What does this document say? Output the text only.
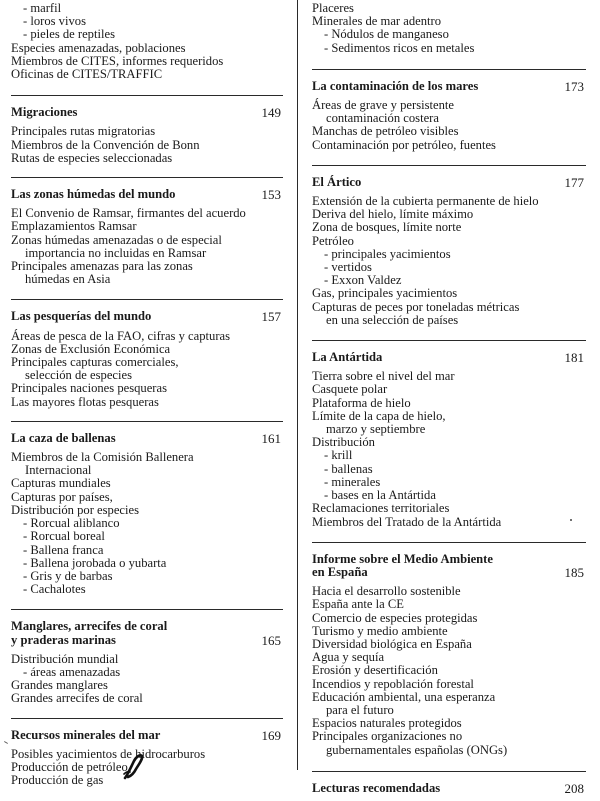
- marfil
- loros vivos
- pieles de reptiles
Especies amenazadas, poblaciones
Miembros de CITES, informes requeridos
Oficinas de CITES/TRAFFIC
Migraciones	149
Principales rutas migratorias
Miembros de la Convención de Bonn
Rutas de especies seleccionadas
Las zonas húmedas del mundo	153
El Convenio de Ramsar, firmantes del acuerdo
Emplazamientos Ramsar
Zonas húmedas amenazadas o de especial
importancia no incluidas en Ramsar
Principales amenazas para las zonas
húmedas en Asia
Las pesquerías del mundo	157
Áreas de pesca de la FAO, cifras y capturas
Zonas de Exclusión Económica
Principales capturas comerciales,
selección de especies
Principales naciones pesqueras
Las mayores flotas pesqueras
La caza de ballenas	161
Miembros de la Comisión Ballenera
Internacional
Capturas mundiales
Capturas por países,
Distribución por especies
- Rorcual aliblanco
- Rorcual boreal
- Ballena franca
- Ballena jorobada o yubarta
- Gris y de barbas
- Cachalotes
Manglares, arrecifes de coral
y praderas marinas	165
Distribución mundial
- áreas amenazadas
Grandes manglares
Grandes arrecifes de coral
Recursos minerales del mar	169
Posibles yacimientos de hidrocarburos
Producción de petróleo
Producción de gas
Placeres
Minerales de mar adentro
- Nódulos de manganeso
- Sedimentos ricos en metales
La contaminación de los mares	173
Áreas de grave y persistente
contaminación costera
Manchas de petróleo visibles
Contaminación por petróleo, fuentes
El Ártico	177
Extensión de la cubierta permanente de hielo
Deriva del hielo, límite máximo
Zona de bosques, límite norte
Petróleo
- principales yacimientos
- vertidos
- Exxon Valdez
Gas, principales yacimientos
Capturas de peces por toneladas métricas
en una selección de países
La Antártida	181
Tierra sobre el nivel del mar
Casquete polar
Plataforma de hielo
Límite de la capa de hielo,
marzo y septiembre
Distribución
- krill
- ballenas
- minerales
- bases en la Antártida
Reclamaciones territoriales
Miembros del Tratado de la Antártida
Informe sobre el Medio Ambiente
en España	185
Hacia el desarrollo sostenible
España ante la CE
Comercio de especies protegidas
Turismo y medio ambiente
Diversidad biológica en España
Agua y sequía
Erosión y desertificación
Incendios y repoblación forestal
Educación ambiental, una esperanza
para el futuro
Espacios naturales protegidos
Principales organizaciones no
gubernamentales españolas (ONGs)
Lecturas recomendadas	208
